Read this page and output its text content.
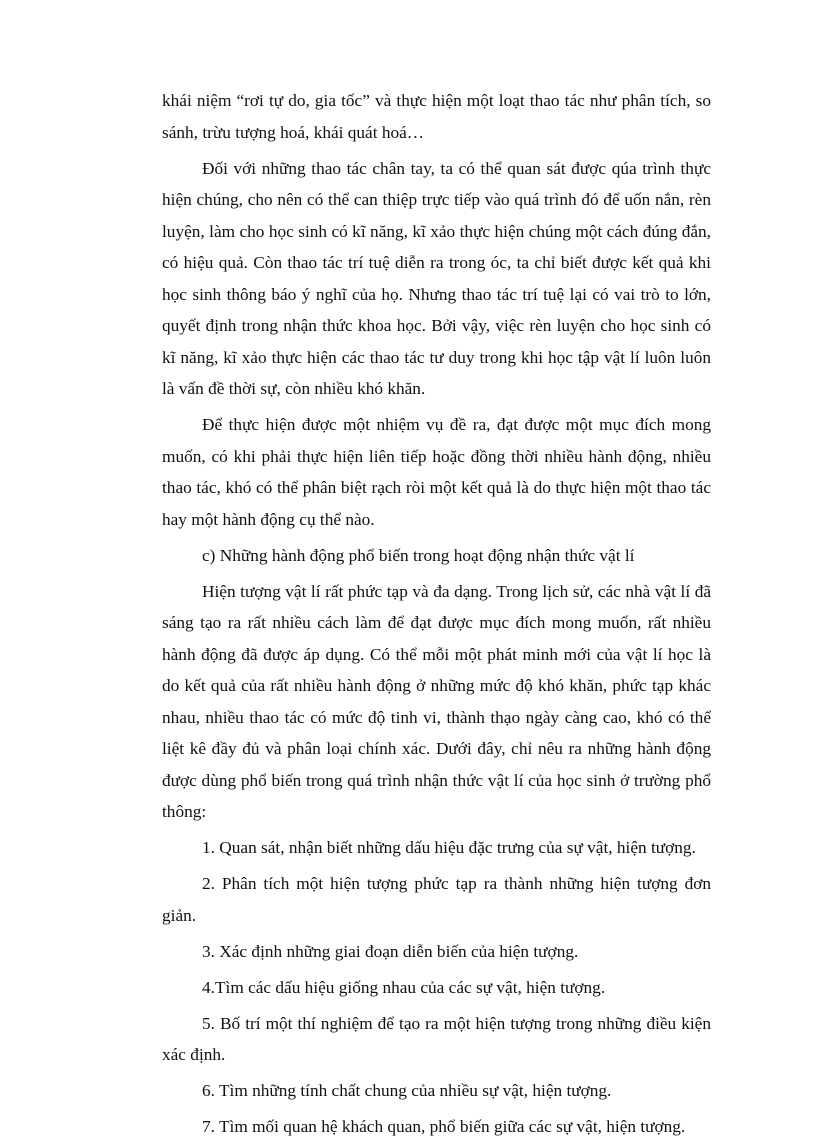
khái niệm “rơi tự do, gia tốc” và thực hiện một loạt thao tác như phân tích, so sánh, trừu tượng hoá, khái quát hoá…

Đối với những thao tác chân tay, ta có thể quan sát được qúa trình thực hiện chúng, cho nên có thể can thiệp trực tiếp vào quá trình đó để uốn nắn, rèn luyện, làm cho học sinh có kĩ năng, kĩ xảo thực hiện chúng một cách đúng đắn, có hiệu quả. Còn thao tác trí tuệ diễn ra trong óc, ta chỉ biết được kết quả khi học sinh thông báo ý nghĩ của họ. Nhưng thao tác trí tuệ lại có vai trò to lớn, quyết định trong nhận thức khoa học. Bởi vậy, việc rèn luyện cho học sinh có kĩ năng, kĩ xảo thực hiện các thao tác tư duy trong khi học tập vật lí luôn luôn là vấn đề thời sự, còn nhiều khó khăn.

Để thực hiện được một nhiệm vụ đề ra, đạt được một mục đích mong muốn, có khi phải thực hiện liên tiếp hoặc đồng thời nhiều hành động, nhiều thao tác, khó có thể phân biệt rạch ròi một kết quả là do thực hiện một thao tác hay một hành động cụ thể nào.

c) Những hành động phổ biến trong hoạt động nhận thức vật lí

Hiện tượng vật lí rất phức tạp và đa dạng. Trong lịch sử, các nhà vật lí đã sáng tạo ra rất nhiều cách làm để đạt được mục đích mong muốn, rất nhiều hành động đã được áp dụng. Có thể mỗi một phát minh mới của vật lí học là do kết quả của rất nhiều hành động ở những mức độ khó khăn, phức tạp khác nhau, nhiều thao tác có mức độ tinh vi, thành thạo ngày càng cao, khó có thể liệt kê đầy đủ và phân loại chính xác. Dưới đây, chỉ nêu ra những hành động được dùng phổ biến trong quá trình nhận thức vật lí của học sinh ở trường phổ thông:

1. Quan sát, nhận biết những dấu hiệu đặc trưng của sự vật, hiện tượng.

2. Phân tích một hiện tượng phức tạp ra thành những hiện tượng đơn giản.

3. Xác định những giai đoạn diễn biến của hiện tượng.

4.Tìm các dấu hiệu giống nhau của các sự vật, hiện tượng.

5. Bố trí một thí nghiệm để tạo ra một hiện tượng trong những điều kiện xác định.

6. Tìm những tính chất chung của nhiều sự vật, hiện tượng.

7. Tìm mối quan hệ khách quan, phổ biến giữa các sự vật, hiện tượng.
